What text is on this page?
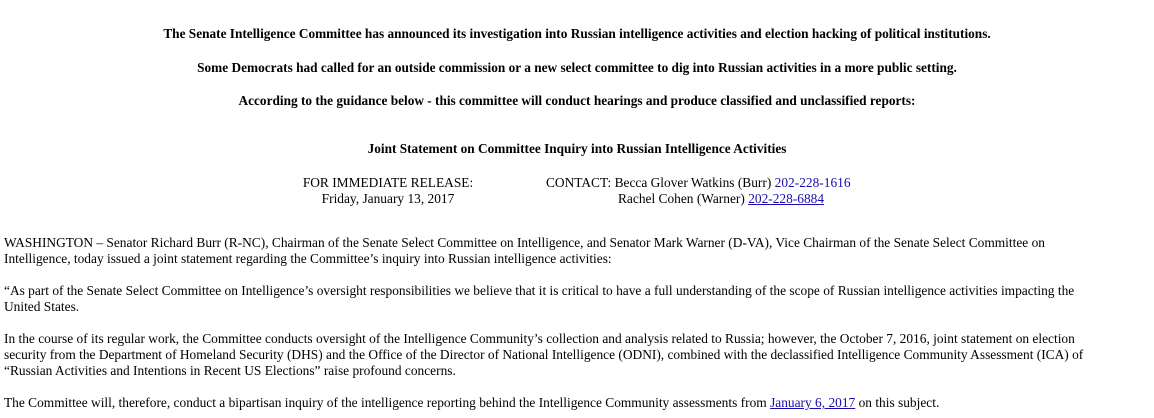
The Senate Intelligence Committee has announced its investigation into Russian intelligence activities and election hacking of political institutions.
Some Democrats had called for an outside commission or a new select committee to dig into Russian activities in a more public setting.
According to the guidance below - this committee will conduct hearings and produce classified and unclassified reports:
Joint Statement on Committee Inquiry into Russian Intelligence Activities
FOR IMMEDIATE RELEASE:
Friday, January 13, 2017
CONTACT: Becca Glover Watkins (Burr) 202-228-1616
Rachel Cohen (Warner) 202-228-6884
WASHINGTON – Senator Richard Burr (R-NC), Chairman of the Senate Select Committee on Intelligence, and Senator Mark Warner (D-VA), Vice Chairman of the Senate Select Committee on
Intelligence, today issued a joint statement regarding the Committee’s inquiry into Russian intelligence activities:
“As part of the Senate Select Committee on Intelligence’s oversight responsibilities we believe that it is critical to have a full understanding of the scope of Russian intelligence activities impacting the
United States.
In the course of its regular work, the Committee conducts oversight of the Intelligence Community’s collection and analysis related to Russia; however, the October 7, 2016, joint statement on election
security from the Department of Homeland Security (DHS) and the Office of the Director of National Intelligence (ODNI), combined with the declassified Intelligence Community Assessment (ICA) of
“Russian Activities and Intentions in Recent US Elections” raise profound concerns.
The Committee will, therefore, conduct a bipartisan inquiry of the intelligence reporting behind the Intelligence Community assessments from January 6, 2017 on this subject.
